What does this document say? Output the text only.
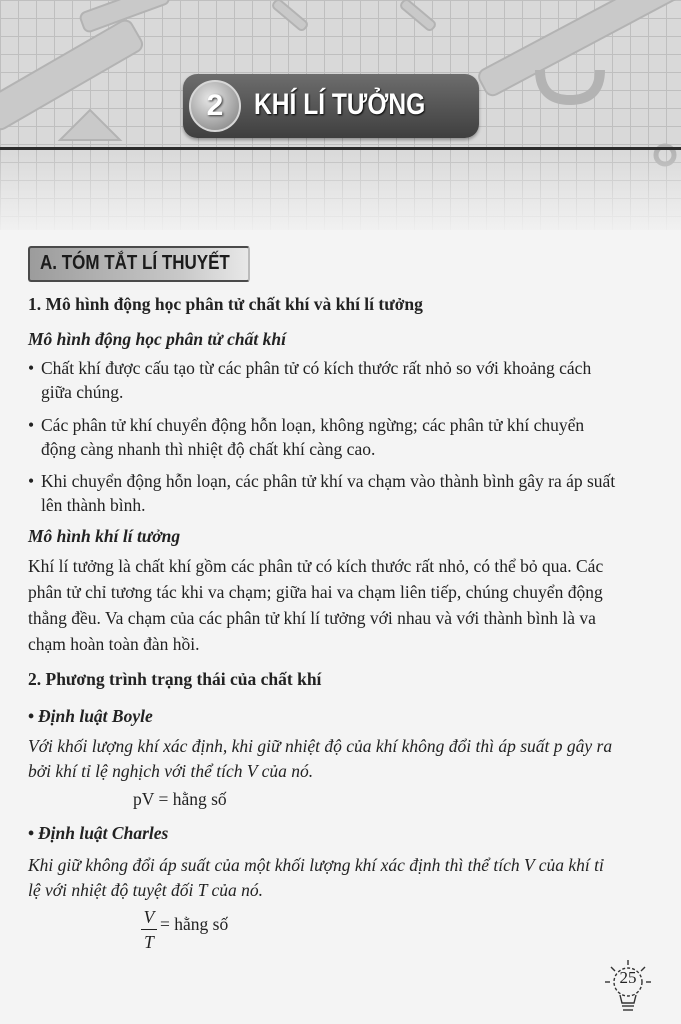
2	KHÍ LÍ TƯỞNG
A. TÓM TẮT LÍ THUYẾT
1. Mô hình động học phân tử chất khí và khí lí tưởng
Mô hình động học phân tử chất khí
• Chất khí được cấu tạo từ các phân tử có kích thước rất nhỏ so với khoảng cách
giữa chúng.
• Các phân tử khí chuyển động hỗn loạn, không ngừng; các phân tử khí chuyển
động càng nhanh thì nhiệt độ chất khí càng cao.
• Khi chuyển động hỗn loạn, các phân tử khí va chạm vào thành bình gây ra áp suất
lên thành bình.
Mô hình khí lí tưởng
Khí lí tưởng là chất khí gồm các phân tử có kích thước rất nhỏ, có thể bỏ qua. Các
phân tử chỉ tương tác khi va chạm; giữa hai va chạm liên tiếp, chúng chuyển động
thẳng đều. Va chạm của các phân tử khí lí tưởng với nhau và với thành bình là va
chạm hoàn toàn đàn hồi.
2. Phương trình trạng thái của chất khí
• Định luật Boyle
Với khối lượng khí xác định, khi giữ nhiệt độ của khí không đổi thì áp suất p gây ra
bởi khí tỉ lệ nghịch với thể tích V của nó.
pV = hằng số
• Định luật Charles
Khi giữ không đổi áp suất của một khối lượng khí xác định thì thể tích V của khí tỉ
lệ với nhiệt độ tuyệt đối T của nó.
V
T
= hằng số
25
